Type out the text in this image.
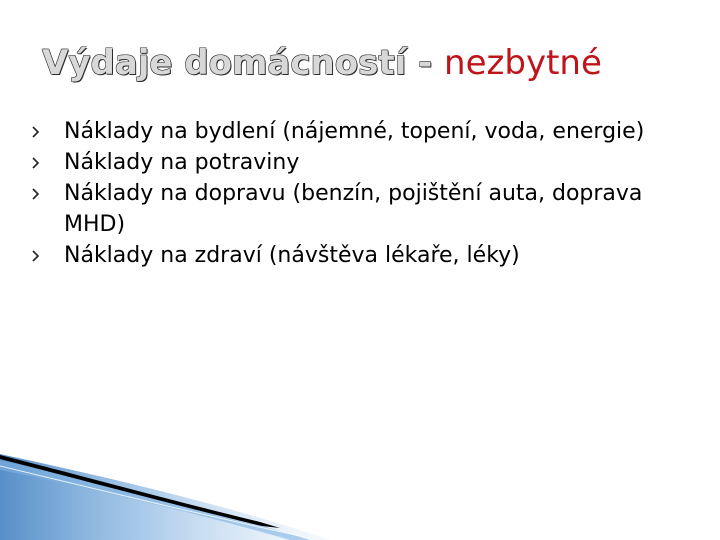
Výdaje domácností - nezbytné
Náklady na bydlení (nájemné, topení, voda, energie)
Náklady na potraviny
Náklady na dopravu (benzín, pojištění auta, doprava MHD)
Náklady na zdraví (návštěva lékaře, léky)
